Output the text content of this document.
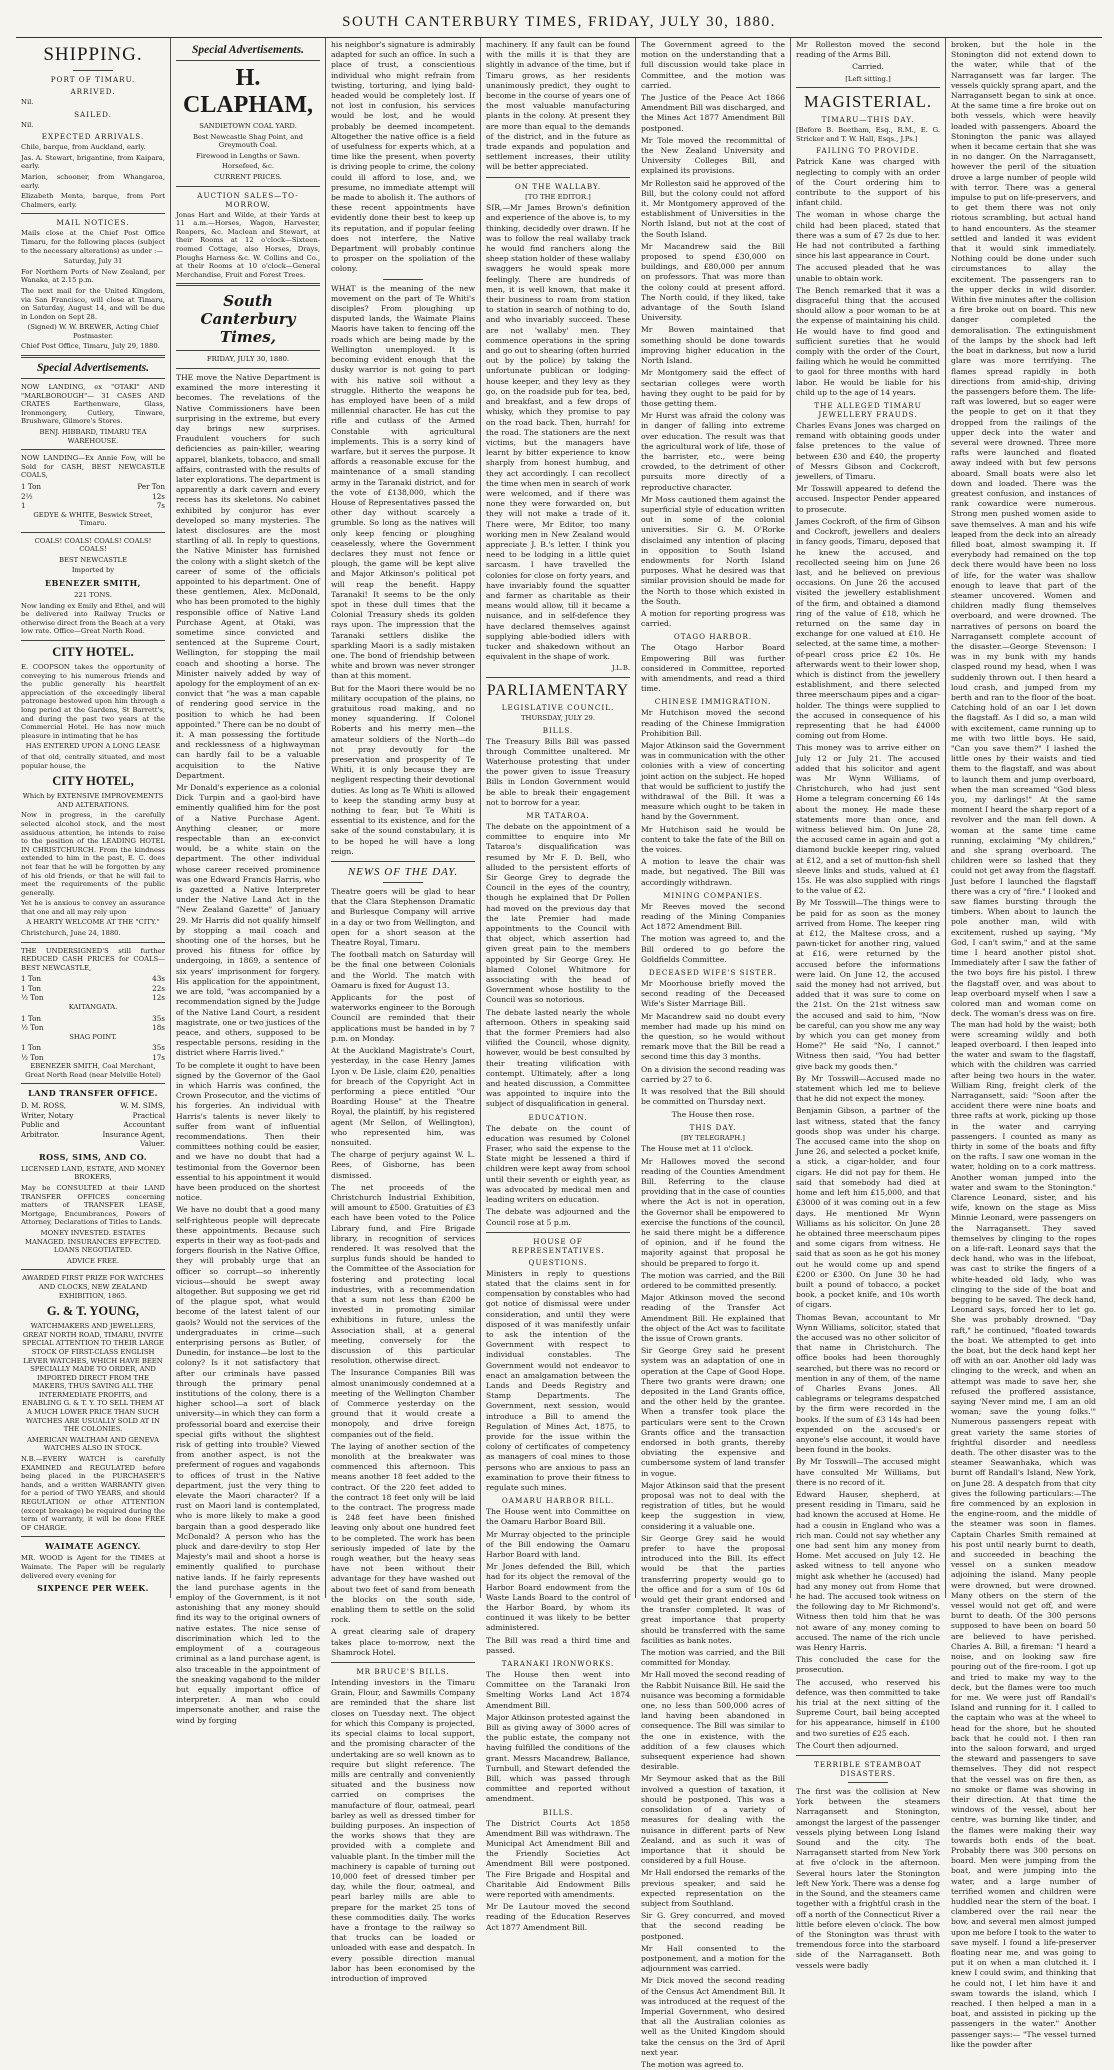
SOUTH CANTERBURY TIMES, FRIDAY, JULY 30, 1880.
SHIPPING.
PORT OF TIMARU.
ARRIVED.

Nil.

SAILED.

Nil.

EXPECTED ARRIVALS.

Chile, barque, from Auckland, early.

Jas. A. Stewart, brigantine, from Kaipara, early.

Marion, schooner, from Whangaroa, early.

Elizabeth Menta, barque, from Port Chalmers, early.

MAIL NOTICES.

Mails close at the Chief Post Office Timaru, for the following places (subject to the necessary alterations) as under :—

Saturday, July 31

For Northern Ports of New Zealand, per Wanaka, at 2.15 p.m.

The next mail for the United Kingdom, via San Francisco, will close at Timaru, on Saturday, August 14, and will be due in London on Sept 28.

(Signed) W. W. BREWER, Acting Chief Postmaster.

Chief Post Office, Timaru, July 29, 1880.

Special Advertisements.

NOW LANDING, ex "OTAKI" AND "MARLBOROUGH"— 31 CASES AND CRATES Earthenware, Glass, Ironmongery, Cutlery, Tinware, Brushware, Gilmore's Stores.

BENJ. HIBBARD, TIMARU TEA WAREHOUSE.

NOW LANDING—Ex Annie Fow, will be Sold for CASH, BEST NEWCASTLE COALS,

1 Ton	Per Ton
2½	12s
1	7s

GEDYE & WHITE, Beswick Street, Timaru.

COALS! COALS! COALS! COALS! COALS!

BEST NEWCASTLE

Imported by

EBENEZER SMITH,

221 TONS.

Now landing ex Emily and Ethel, and will be delivered into Railway Trucks or otherwise direct from the Beach at a very low rate. Office—Great North Road.

CITY HOTEL.

E. COOPSON takes the opportunity of conveying to his numerous friends and the public generally his heartfelt appreciation of the exceedingly liberal patronage bestowed upon him through a long period at the Gardens, St Barrett's, and during the past two years at the Commercial Hotel. He has now much pleasure in intimating that he has

HAS ENTERED UPON A LONG LEASE

of that old, centrally situated, and most popular house, the

CITY HOTEL,

Which by EXTENSIVE IMPROVEMENTS AND ALTERATIONS.

Now in progress, in the carefully selected alcohol stock, and the most assiduous attention, he intends to raise to the position of the LEADING HOTEL IN CHRISTCHURCH. From the kindness extended to him in the past, E. C. does not fear that he will be forgotten by any of his old friends, or that he will fail to meet the requirements of the public generally.

Yet he is anxious to convey an assurance that one and all may rely upon

A HEARTY WELCOME AT THE "CITY."

Christchurch, June 24, 1880.

THE UNDERSIGNED'S still further REDUCED CASH PRICES for COALS— BEST NEWCASTLE,

1 Ton	43s
1 Ton	22s
½ Ton	12s

KAITANGATA.

1 Ton	35s
½ Ton	18s

SHAG POINT.

1 Ton	35s
½ Ton	17s

EBENEZER SMITH, Coal Merchant, Great North Road (near Melville Hotel)

LAND TRANSFER OFFICE.
D. M. ROSS, Writer, Notary Public and Arbitrator.
W. M. SIMS, Practical Accountant Insurance Agent, Valuer.
ROSS, SIMS, AND CO.

LICENSED LAND, ESTATE, AND MONEY BROKERS,

May be CONSULTED at their LAND TRANSFER OFFICES concerning matters of TRANSFER LEASE, Mortgage, Encumbrances, Powers of Attorney, Declarations of Titles to Lands.

MONEY INVESTED. ESTATES MANAGED. INSURANCES EFFECTED. LOANS NEGOTIATED.

ADVICE FREE.

AWARDED FIRST PRIZE FOR WATCHES AND CLOCKS, NEW ZEALAND EXHIBITION, 1865.

G. & T. YOUNG,

WATCHMAKERS AND JEWELLERS, GREAT NORTH ROAD, TIMARU, INVITE SPECIAL ATTENTION TO THEIR LARGE STOCK OF FIRST-CLASS ENGLISH LEVER WATCHES, WHICH HAVE BEEN SPECIALLY MADE TO ORDER, AND IMPORTED DIRECT FROM THE MAKERS, THUS SAVING ALL THE INTERMEDIATE PROFITS, and ENABLING G. & T. Y. TO SELL THEM AT A MUCH LOWER PRICE THAN SUCH WATCHES ARE USUALLY SOLD AT IN THE COLONIES.

AMERICAN WALTHAM AND GENEVA WATCHES ALSO IN STOCK.

N.B.—EVERY WATCH is carefully EXAMINED and REGULATED before being placed in the PURCHASER'S hands, and a written WARRANTY given for a period of TWO YEARS, and should REGULATION or other ATTENTION (except breakage) be required during the term of warranty, it will be done FREE OF CHARGE.

WAIMATE AGENCY.

MR. WOOD is Agent for the TIMES at Waimate. The Paper will be regularly delivered every evening for

SIXPENCE PER WEEK.
Special Advertisements.
H. CLAPHAM,

SANDIETOWN COAL YARD.

Best Newcastle Shag Point, and Greymouth Coal.

Firewood in Lengths or Sawn.

Horsefeed, &c.

CURRENT PRICES.

AUCTION SALES—TO-MORROW.

Jonas Hart and Wilde, at their Yards at 11 a.m.—Horses, Wagon, Harvester, Reapers, &c. Maclean and Stewart, at their Rooms at 12 o'clock—Sixteen-roomed Cottage, also Horses, Drays, Ploughs Harness &c. W. Collins and Co., at their Rooms at 10 o'clock—General Merchandise, Fruit and Forest Trees.

South Canterbury Times,

FRIDAY, JULY 30, 1880.

THE move the Native Department is examined the more interesting it becomes. The revelations of the Native Commissioners have been surprising in the extreme, but every day brings new surprises. Fraudulent vouchers for such deficiencies as pain-killer, wearing apparel, blankets, tobacco, and small affairs, contrasted with the results of later explorations. The department is apparently a dark cavern and every recess has its skeletons. No cabinet exhibited by conjuror has ever developed so many mysteries. The latest disclosures are the most startling of all. In reply to questions, the Native Minister has furnished the colony with a slight sketch of the career of some of the officials appointed to his department. One of these gentlemen, Alex. McDonald, who has been promoted to the highly responsible office of Native Land Purchase Agent, at Otaki, was sometime since convicted and sentenced at the Supreme Court, Wellington, for stopping the mail coach and shooting a horse. The Minister naively added by way of apology for the employment of an ex-convict that "he was a man capable of rendering good service in the position to which he had been appointed." There can be no doubt of it. A man possessing the fortitude and recklessness of a highwayman can hardly fail to be a valuable acquisition to the Native Department.

Mr Donald's experience as a colonial Dick Turpin and a gaol-bird have eminently qualified him for the post of a Native Purchase Agent. Anything cleaner, or more respectable than an ex-convict would, be a white stain on the department. The other individual whose career received prominence was one Edward Francis Harris, who is gazetted a Native Interpreter under the Native Land Act in the "New Zealand Gazette" of January 29. Mr Harris did not qualify himself by stopping a mail coach and shooting one of the horses, but he proved his fitness for office by undergoing, in 1869, a sentence of six years' imprisonment for forgery. His application for the appointment, we are told, "was accompanied by a recommendation signed by the Judge of the Native Land Court, a resident magistrate, one or two justices of the peace, and others, supposed to be respectable persons, residing in the district where Harris lived."

To be complete it ought to have been signed by the Governor of the Gaol in which Harris was confined, the Crown Prosecutor, and the victims of his forgeries. An individual with Harris's talents is never likely to suffer from want of influential recommendations. Then their committees nothing could be easier, and we have no doubt that had a testimonial from the Governor been essential to his appointment it would have been produced on the shortest notice.

We have no doubt that a good many self-righteous people will deprecate these appointments. Because such experts in their way as foot-pads and forgers flourish in the Native Office, they will probably urge that an officer so corrupt—so inherently vicious—should be swept away altogether. But supposing we get rid of the plague spot, what would become of the latest talent of our gaols? Would not the services of the undergraduates in crime—such enterprising persons as Butler, of Dunedin, for instance—be lost to the colony? Is it not satisfactory that after our criminals have passed through the primary penal institutions of the colony, there is a higher school—a sort of black university—in which they can form a professorial board and exercise their special gifts without the slightest risk of getting into trouble? Viewed from another aspect, is not the preferment of rogues and vagabonds to offices of trust in the Native department, just the very thing to elevate the Maori character? If a rust on Maori land is contemplated, who is more likely to make a good bargain than a good desperado like McDonald? A person who has the pluck and dare-devilry to stop Her Majesty's mail and shoot a horse is eminently qualified to purchase native lands. If he fairly represents the land purchase agents in the employ of the Government, is it not astonishing that any money should find its way to the original owners of native estates. The nice sense of discrimination which led to the employment of a courageous criminal as a land purchase agent, is also traceable in the appointment of the sneaking vagabond to the milder but equally important office of interpreter. A man who could impersonate another, and raise the wind by forging

his neighbor's signature is admirably adapted for such an office. In such a place of trust, a conscientious individual who might refrain from twisting, torturing, and lying bald-headed would be completely lost. If not lost in confusion, his services would be lost, and he would probably be deemed incompetent. Altogether the native office is a field of usefulness for experts which, at a time like the present, when poverty is driving people to crime, the colony could ill afford to lose, and, we presume, no immediate attempt will be made to abolish it. The authors of these recent appointments have evidently done their best to keep up its reputation, and if popular feeling does not interfere, the Native Department will probably continue to prosper on the spoliation of the colony.

WHAT is the meaning of the new movement on the part of Te Whiti's disciples? From ploughing up disputed lands, the Waimate Plains Maoris have taken to fencing off the roads which are being made by the Wellington unemployed. It is becoming evident enough that the dusky warrior is not going to part with his native soil without a struggle. Hitherto the weapons he has employed have been of a mild millennial character. He has cut the rifle and cutlass of the Armed Constable with agricultural implements. This is a sorry kind of warfare, but it serves the purpose. It affords a reasonable excuse for the maintenance of a small standing army in the Taranaki district, and for the vote of £138,000, which the House of Representatives passed the other day without scarcely a grumble. So long as the natives will only keep fencing or ploughing ceaselessly, where the Government declares they must not fence or plough, the game will be kept alive and Major Atkinson's political pot will reap the benefit. Happy Taranaki! It seems to be the only spot in these dull times that the Colonial Treasury sheds its golden rays upon. The impression that the Taranaki settlers dislike the sparkling Maori is a sadly mistaken one. The bond of friendship between white and brown was never stronger than at this moment.

But for the Maori there would be no military occupation of the plains, no gratuitous road making, and no money squandering. If Colonel Roberts and his merry men—the amateur soldiers of the North—do not pray devoutly for the preservation and prosperity of Te Whiti, it is only because they are negligent respecting their devotional duties. As long as Te Whiti is allowed to keep the standing army busy at nothing to fear, but Te Whiti is essential to its existence, and for the sake of the sound constabulary, it is to be hoped he will have a long reign.

NEWS OF THE DAY.

Theatre goers will be glad to hear that the Clara Stephenson Dramatic and Burlesque Company will arrive in a day or two from Wellington, and open for a short season at the Theatre Royal, Timaru.

The football match on Saturday will be the final one between Colonials and the World. The match with Oamaru is fixed for August 13.

Applicants for the post of waterworks engineer to the Borough Council are reminded that their applications must be handed in by 7 p.m. on Monday.

At the Auckland Magistrate's Court, yesterday, in the case Henry James Lyon v. De Lisle, claim £20, penalties for breach of the Copyright Act in performing a piece entitled "Our Boarding House" at the Theatre Royal, the plaintiff, by his registered agent (Mr Sellon, of Wellington), who represented him, was nonsuited.

The charge of perjury against W. L. Rees, of Gisborne, has been dismissed.

The net proceeds of the Christchurch Industrial Exhibition, will amount to £500. Gratuities of £3 each have been voted to the Police Library fund, and Fire Brigade library, in recognition of services rendered. It was resolved that the surplus funds should be handed to the Committee of the Association for fostering and protecting local industries, with a recommendation that a sum not less than £200 be invested in promoting similar exhibitions in future, unless the Association shall, at a general meeting, conversely for the discussion of this particular resolution, otherwise direct.

The Insurance Companies Bill was almost unanimously condemned at a meeting of the Wellington Chamber of Commerce yesterday on the ground that it would create a monopoly, and drive foreign companies out of the field.

The laying of another section of the monolith at the breakwater was commenced this afternoon. This means another 18 feet added to the contract. Of the 220 feet added to the contract 18 feet only will be laid to the contract. The progress made is 248 feet have been finished leaving only about one hundred feet to be completed. The work has been seriously impeded of late by the rough weather, but the heavy seas have not been without their advantage for they have washed out about two feet of sand from beneath the blocks on the south side, enabling them to settle on the solid rock.

A great clearing sale of drapery takes place to-morrow, next the Shamrock Hotel.

MR BRUCE'S BILLS.

Intending investors in the Timaru Grain, Flour, and Sawmills Company are reminded that the share list closes on Tuesday next. The object for which this Company is projected, its special claims to local support, and the promising character of the undertaking are so well known as to require but slight reference. The mills are centrally and conveniently situated and the business now carried on comprises the manufacture of flour, oatmeal, pearl barley as well as dressed timber for building purposes. An inspection of the works shows that they are provided with a complete and valuable plant. In the timber mill the machinery is capable of turning out 10,000 feet of dressed timber per day, while the flour, oatmeal, and pearl barley mills are able to prepare for the market 25 tons of these commodities daily. The works have a frontage to the railway so that trucks can be loaded or unloaded with ease and despatch. In every possible direction manual labor has been economised by the introduction of improved

machinery. If any fault can be found with the mills it is that they are slightly in advance of the time, but if Timaru grows, as her residents unanimously predict, they ought to become in the course of years one of the most valuable manufacturing plants in the colony. At present they are more than equal to the demands of the district, and in the future as trade expands and population and settlement increases, their utility will be better appreciated.

ON THE WALLABY.

[TO THE EDITOR.]

SIR,—Mr James Brown's definition and experience of the above is, to my thinking, decidedly over drawn. If he was to follow the real wallaby track he would find ranchers along the sheep station holder of these wallaby swaggers he would speak more feelingly. There are hundreds of men, it is well known, that make it their business to roam from station to station in search of nothing to do, and who invariably succeed. These are not 'wallaby' men. They commence operations in the spring and go out to shearing (often hurried out by the police) by taking the unfortunate publican or lodging-house keeper, and they levy as they go, on the roadside pub for tea, bed, and breakfast, and a few drops of whisky, which they promise to pay on the road back. Then, hurrah! for the road. The stationers are the next victims, but the managers have learnt by bitter experience to know sharply from honest humbug, and they act accordingly. I can recollect the time when men in search of work were welcomed, and if there was none they were forwarded on, but they will not make a trade of it. There were, Mr Editor, too many working men in New Zealand would appreciate J. B.'s letter. I think you need to be lodging in a little quiet sarcasm. I have travelled the colonies for close on forty years, and have invariably found the squatter and farmer as charitable as their means would allow, till it became a nuisance, and in self-defence they have declared themselves against supplying able-bodied idlers with tucker and shakedown without an equivalent in the shape of work.

J.L.B.

PARLIAMENTARY
LEGISLATIVE COUNCIL.

THURSDAY, JULY 29.

BILLS.

The Treasury Bills Bill was passed through Committee unaltered. Mr Waterhouse protesting that under the power given to issue Treasury Bills in London Government would be able to break their engagement not to borrow for a year.

MR TATAROA.

The debate on the appointment of a committee to enquire into Mr Tataroa's disqualification was resumed by Mr F. D. Bell, who alluded to the persistent efforts of Sir George Grey to degrade the Council in the eyes of the country, though he explained that Dr Pollen had moved on the previous day that the late Premier had made appointments to the Council with that object, which assertion had given great pain to the members appointed by Sir George Grey. He blamed Colonel Whitmore for associating with the head of Government whose hostility to the Council was so notorious.

The debate lasted nearly the whole afternoon. Others in speaking said that the former Premiers had also vilified the Council, whose dignity, however, would be best consulted by their treating vilification with contempt. Ultimately, after a long and heated discussion, a Committee was appointed to inquire into the subject of disqualification in general.

EDUCATION.

The debate on the count of education was resumed by Colonel Fraser, who said the expense to the State might be lessened a third if children were kept away from school until their seventh or eighth year, as was advocated by medical men and leading writers on education.

The debate was adjourned and the Council rose at 5 p.m.

HOUSE OF REPRESENTATIVES.
QUESTIONS.

Ministers in reply to questions stated that the claims sent in for compensation by constables who had got notice of dismissal were under consideration, and until they were disposed of it was manifestly unfair to ask the intention of the Government with respect to individual constables. The Government would not endeavor to enact an amalgamation between the Lands and Deeds Registry and Stamp Departments. The Government, next session, would introduce a Bill to amend the Regulation of Mines Act, 1875, to provide for the issue within the colony of certificates of competency as managers of coal mines to those persons who are anxious to pass an examination to prove their fitness to regulate such mines.

OAMARU HARBOR BILL.

The House went into Committee on the Oamaru Harbor Board Bill.

Mr Murray objected to the principle of the Bill endowing the Oamaru Harbor Board with land.

Mr Jones defended the Bill, which had for its object the removal of the Harbor Board endowment from the Waste Lands Board to the control of the Harbor Board, by whom its continued it was likely to be better administered.

The Bill was read a third time and passed.

TARANAKI IRONWORKS.

The House then went into Committee on the Taranaki Iron Smelting Works Land Act 1874 Amendment Bill.

Major Atkinson protested against the Bill as giving away of 3000 acres of the public estate, the company not having fulfilled the conditions of the grant. Messrs Macandrew, Ballance, Turnbull, and Stewart defended the Bill, which was passed through committee and reported without amendment.

BILLS.

The District Courts Act 1858 Amendment Bill was withdrawn. The Municipal Act Amendment Bill and the Friendly Societies Act Amendment Bill were postponed. The Fire Brigade and Hospital and Charitable Aid Endowment Bills were reported with amendments.

Mr De Lautour moved the second reading of the Education Reserves Act 1877 Amendment Bill.

The Government agreed to the motion on the understanding that a full discussion would take place in Committee, and the motion was carried.

The Justice of the Peace Act 1866 Amendment Bill was discharged, and the Mines Act 1877 Amendment Bill postponed.

Mr Tole moved the recommittal of the New Zealand University and University Colleges Bill, and explained its provisions.

Mr Rolleston said he approved of the Bill, but the colony could not afford it. Mr Montgomery approved of the establishment of Universities in the North Island, but not at the cost of the South Island.

Mr Macandrew said the Bill proposed to spend £30,000 on buildings, and £80,000 per annum on professors. That was more than the colony could at present afford. The North could, if they liked, take advantage of the South Island University.

Mr Bowen maintained that something should be done towards improving higher education in the North Island.

Mr Montgomery said the effect of sectarian colleges were worth having they ought to be paid for by those getting them.

Mr Hurst was afraid the colony was in danger of falling into extreme over education. The result was that the agricultural work of life, those of the barrister, etc., were being crowded, to the detriment of other pursuits more directly of a reproductive character.

Mr Moss cautioned them against the superficial style of education written out in some of the colonial universities. Sir G. M. O'Rorke disclaimed any intention of placing in opposition to South Island endowments for North Island purposes. What he desired was that similar provision should be made for the North to those which existed in the South.

A motion for reporting progress was carried.

OTAGO HARBOR.

The Otago Harbor Board Empowering Bill was further considered in Committee, reported with amendments, and read a third time.

CHINESE IMMIGRATION.

Mr Hutchison moved the second reading of the Chinese Immigration Prohibition Bill.

Major Atkinson said the Government was in communication with the other colonies with a view of concerting joint action on the subject. He hoped that would be sufficient to justify the withdrawal of the Bill. It was a measure which ought to be taken in hand by the Government.

Mr Hutchison said he would be content to take the fate of the Bill on the voices.

A motion to leave the chair was made, but negatived. The Bill was accordingly withdrawn.

MINING COMPANIES.

Mr Reeves moved the second reading of the Mining Companies Act 1872 Amendment Bill.

The motion was agreed to, and the Bill ordered to go before the Goldfields Committee.

DECEASED WIFE'S SISTER.

Mr Moorhouse briefly moved the second reading of the Deceased Wife's Sister Marriage Bill.

Mr Macandrew said no doubt every member had made up his mind on the question, so he would without remark move that the Bill be read a second time this day 3 months.

On a division the second reading was carried by 27 to 6.

It was resolved that the Bill should be committed on Thursday next.

The House then rose.

THIS DAY.

[BY TELEGRAPH.]

The House met at 11 o'clock.

Mr Hallowes moved the second reading of the Counties Amendment Bill. Referring to the clause providing that in the case of counties where the Act is not in operation, the Governor shall be empowered to exercise the functions of the council, he said there might be a difference of opinion, and if he found the majority against that proposal he should be prepared to forgo it.

The motion was carried, and the Bill ordered to be committed presently.

Major Atkinson moved the second reading of the Transfer Act Amendment Bill. He explained that the object of the Act was to facilitate the issue of Crown grants.

Sir George Grey said he present system was an adaptation of one in operation at the Cape of Good Hope. There two grants were drawn; one deposited in the Land Grants office, and the other held by the grantee. When a transfer took place the particulars were sent to the Crown Grants office and the transaction endorsed in both grants, thereby obviating the expensive and cumbersome system of land transfer in vogue.

Major Atkinson said that the present proposal was not to deal with the registration of titles, but he would keep the suggestion in view, considering it a valuable one.

Sir George Grey said he would prefer to have the proposal introduced into the Bill. Its effect would be that the parties transferring property would go to the office and for a sum of 10s 6d would get their grant endorsed and the transfer completed. It was of great importance that property should be transferred with the same facilities as bank notes.

The motion was carried, and the Bill committed for Monday.

Mr Hall moved the second reading of the Rabbit Nuisance Bill. He said the nuisance was becoming a formidable one, no less than 500,000 acres of land having been abandoned in consequence. The Bill was similar to the one in existence, with the addition of a few clauses which subsequent experience had shown desirable.

Mr Seymour asked that as the Bill involved a question of taxation, it should be postponed. This was a consolidation of a variety of measures for dealing with the nuisance in different parts of New Zealand, and as such it was of importance that it should be considered by a full House.

Mr Hall endorsed the remarks of the previous speaker, and said he expected representation on the subject from Southland.

Sir G. Grey concurred, and moved that the second reading be postponed.

Mr Hall consented to the postponement, and a motion for the adjournment was carried.

Mr Dick moved the second reading of the Census Act Amendment Bill. It was introduced at the request of the Imperial Government, who desired that all the Australian colonies as well as the United Kingdom should take the census on the 3rd of April next year.

The motion was agreed to.

Mr Rolleston moved the second reading of the Arms Bill.

Carried.

[Left sitting.]

MAGISTERIAL.
TIMARU—THIS DAY.

[Before B. Beetham, Esq., R.M., E. G. Stricker and T. W. Hall, Esqs., J.Ps.]

FAILING TO PROVIDE.

Patrick Kane was charged with neglecting to comply with an order of the Court ordering him to contribute to the support of his infant child.

The woman in whose charge the child had been placed, stated that there was a sum of £7 2s due to her. He had not contributed a farthing since his last appearance in Court.

The accused pleaded that he was unable to obtain work.

The Bench remarked that it was a disgraceful thing that the accused should allow a poor woman to be at the expense of maintaining his child. He would have to find good and sufficient sureties that he would comply with the order of the Court, failing which he would be committed to gaol for three months with hard labor. He would be liable for his child up to the age of 14 years.

THE ALLEGED TIMARU JEWELLERY FRAUDS.

Charles Evans Jones was charged on remand with obtaining goods under false pretences to the value of between £30 and £40, the property of Messrs Gibson and Cockcroft, jewellers, of Timaru.

Mr Tosswill appeared to defend the accused. Inspector Pender appeared to prosecute.

James Cockroft, of the firm of Gibson and Cockroft, jewellers and dealers in fancy goods, Timaru, deposed that he knew the accused, and recollected seeing him on June 26 last, and he believed on previous occasions. On June 26 the accused visited the jewellery establishment of the firm, and obtained a diamond ring of the value of £18, which he returned on the same day in exchange for one valued at £10. He selected, at the same time, a mother-of-pearl cross price £2 10s. He afterwards went to their lower shop, which is distinct from the jewellery establishment, and there selected three meerschaum pipes and a cigar-holder. The things were supplied to the accused in consequence of his representing that he had £4000 coming out from Home.

This money was to arrive either on July 12 or July 21. The accused added that his solicitor and agent was Mr Wynn Williams, of Christchurch, who had just sent Home a telegram concerning £6 14s about the money. He made these statements more than once, and witness believed him. On June 28, the accused came in again and got a diamond buckle keeper ring, valued at £12, and a set of mutton-fish shell sleeve links and studs, valued at £1 15s. He was also supplied with rings to the value of £2.

By Mr Tosswill—The things were to be paid for as soon as the money arrived from Home. The keeper ring at £12, the Maltese cross, and a pawn-ticket for another ring, valued at £16, were returned by the accused before the informations were laid. On June 12, the accused said the money had not arrived, but added that it was sure to come on the 21st. On the 21st witness saw the accused and said to him, "Now be careful, can you show me any way by which you can get money from Home?" He said "No, I cannot." Witness then said, "You had better give back my goods then."

By Mr Tosswill—Accused made no statement which led me to believe that he did not expect the money.

Benjamin Gibson, a partner of the last witness, stated that the fancy goods shop was under his charge. The accused came into the shop on June 26, and selected a pocket knife, a stick, a cigar-holder, and four cigars. He did not pay for them. He said that somebody had died at home and left him £15,000, and that £3000 of it was coming out in a few days. He mentioned Mr Wynn Williams as his solicitor. On June 28 he obtained three meerschaum pipes and some cigars from witness. He said that as soon as he got his money out he would come up and spend £200 or £300. On June 30 he had built a pound of tobacco, a pocket book, a pocket knife, and 10s worth of cigars.

Thomas Bevan, accountant to Mr Wynn Williams, solicitor, stated that the accused was no other solicitor of that name in Christchurch. The office books had been thoroughly searched, but there was no record or mention in any of them, of the name of Charles Evans Jones. All cablegrams or telegrams despatched by the firm were recorded in the books. If the sum of £3 14s had been expended on the accused's or anyone's else account, it would have been found in the books.

By Mr Tosswill—The accused might have consulted Mr Williams, but there is no record of it.

Edward Hauser, shepherd, at present residing in Timaru, said he had known the accused at Home. He had a cousin in England who was a rich man. Could not say whether any one had sent him any money from Home. Met accused on July 12. He asked witness to tell anyone who might ask whether he (accused) had had any money out from Home that he had. The accused took witness on the following day to Mr Richmond's. Witness then told him that he was not aware of any money coming to accused. The name of the rich uncle was Henry Harris.

This concluded the case for the prosecution.

The accused, who reserved his defence, was then committed to take his trial at the next sitting of the Supreme Court, bail being accepted for his appearance, himself in £100 and two sureties of £25 each.

The Court then adjourned.

TERRIBLE STEAMBOAT DISASTERS.

The first was the collision at New York between the steamers Narragansett and Stonington, amongst the largest of the passenger vessels plying between Long Island Sound and the city. The Narragansett started from New York at five o'clock in the afternoon. Several hours later the Stonington left New York. There was a dense fog in the Sound, and the steamers came together with a frightful crash in the off a north of the Connecticut River a little before eleven o'clock. The bow of the Stonington was thrust with tremendous force into the starboard side of the Narragansett. Both vessels were badly

broken, but the hole in the Stonington did not extend down to the water, while that of the Narragansett was far larger. The vessels quickly sprang apart, and the Narragansett began to sink at once. At the same time a fire broke out on both vessels, which were heavily loaded with passengers. Aboard the Stonington the panic was allayed when it became certain that she was in no danger. On the Narragansett, however the peril of the situation drove a large number of people wild with terror. There was a general impulse to put on life-preservers, and to get them there was not only riotous scrambling, but actual hand to hand encounters. As the steamer settled and landed it was evident that it would sink immediately. Nothing could be done under such circumstances to allay the excitement. The passengers ran to the upper decks in wild disorder. Within five minutes after the collision a fire broke out on board. This new danger completed the demoralisation. The extinguishment of the lamps by the shock had left the boat in darkness, but now a lurid glare was more terrifying. The flames spread rapidly in both directions from amid-ship, driving the passengers before them. The life-raft was lowered, but so eager were the people to get on it that they dropped from the railings of the upper deck into the water and several were drowned. Three more rafts were launched and floated away indeed with but few persons aboard. Small boats were also let down and loaded. There was the greatest confusion, and instances of rank cowardice were numerous. Strong men pushed women aside to save themselves. A man and his wife leaped from the deck into an already filled boat, almost swamping it. If everybody had remained on the top deck there would have been no loss of life, for the water was shallow enough to leave that part of the steamer uncovered. Women and children madly flung themselves overboard, and were drowned. The narratives of persons on board the Narragansett complete account of the disaster.—George Stevenson: I was in my bunk with my hands clasped round my head, when I was suddenly thrown out. I then heard a loud crash, and jumped from my berth and ran to the floor of the boat. Catching hold of an oar I let down the flagstaff. As I did so, a man wild with excitement, came running up to me with two little boys. He said, "Can you save them?" I lashed the little ones by their waists and tied them to the flagstaff, and was about to launch them and jump overboard, when the man screamed "God bless you, my darlings!" At the same moment I heard the sharp report of a revolver and the man fell down. A woman at the same time came running, exclaiming "My children," and she sprang overboard. The children were so lashed that they could not get away from the flagstaff. Just before I launched the flagstaff there was a cry of "fire." I looked and saw flames bursting through the timbers. When about to launch the pole another man, wild with excitement, rushed up saying, "My God, I can't swim," and at the same time I heard another pistol shot. Immediately after I saw the father of the two boys fire his pistol. I threw the flagstaff over, and was about to leap overboard myself when I saw a colored man and woman come on deck. The woman's dress was on fire. The man had hold by the waist; both were screaming wildly and both leaped overboard. I then leaped into the water and swam to the flagstaff, which with the children was carried after being two hours in the water. William Ring, freight clerk of the Narragansett, said: "Soon after the accident there were nine boats and three rafts at work, picking up those in the water and carrying passengers. I counted as many as thirty in some of the boats and fifty on the rafts. I saw one woman in the water, holding on to a cork mattress. Another woman jumped into the water and swam to the Stonington." Clarence Leonard, sister, and his wife, known on the stage as Miss Minnie Leonard, were passengers on the Narragansett. They saved themselves by clinging to the ropes on a life-raft. Leonard says that the deck hand, who was in the lifeboat, was cast to strike the fingers of a white-headed old lady, who was clinging to the side of the boat and begging to be saved. The deck hand, Leonard says, forced her to let go. She was probably drowned. "Day raft," he continued, "floated towards the boat. We attempted to get into the boat, but the deck hand kept her off with an oar. Another old lady was clinging to the wreck, and when an attempt was made to save her, she refused the proffered assistance, saying 'Never mind me, I am an old woman; save the young folks.'" Numerous passengers repeat with great variety the same stories of frightful disorder and needless death. The other disaster was to the steamer Seawanhaka, which was burnt off Randall's Island, New York, on June 28. A despatch from that city gives the following particulars:—The fire commenced by an explosion in the engine-room, and the middle of the steamer was soon in flames. Captain Charles Smith remained at his post until nearly burnt to death, and succeeded in beaching the vessel on a sunken meadow adjoining the island. Many people were drowned, but were drowned. Many others on the stern of the vessel would not get off, and were burnt to death. Of the 300 persons supposed to have been on board 50 are believed to have perished. Charles A. Bill, a fireman: "I heard a noise, and on looking saw fire pouring out of the fire-room. I got up and tried to make my way to the deck, but the flames were too much for me. We were just off Randall's Island and running for it. I called to the captain who was at the wheel to head for the shore, but he shouted back that he could not. I then ran into the saloon forward, and urged the steward and passengers to save themselves. They did not respect that the vessel was on fire then, as no smoke or flame was showing in their direction. At that time the windows of the vessel, about her centre, was burning like tinder, and the flames were making their way towards both ends of the boat. Probably there was 300 persons on board. Men were jumping from the boat, and were jumping into the water, and a large number of terrified women and children were huddled near the stern of the boat. I clambered over the rail near the bow, and several men almost jumped upon me before I took to the water to save myself. I found a life-preserver floating near me, and was going to put it on when a man clutched it. I knew I could swim, and thinking that he could not, I let him have it and swam towards the island, which I reached. I then helped a man in a boat, and assisted in picking up the passengers in the water." Another passenger says:— "The vessel turned like the powder after
